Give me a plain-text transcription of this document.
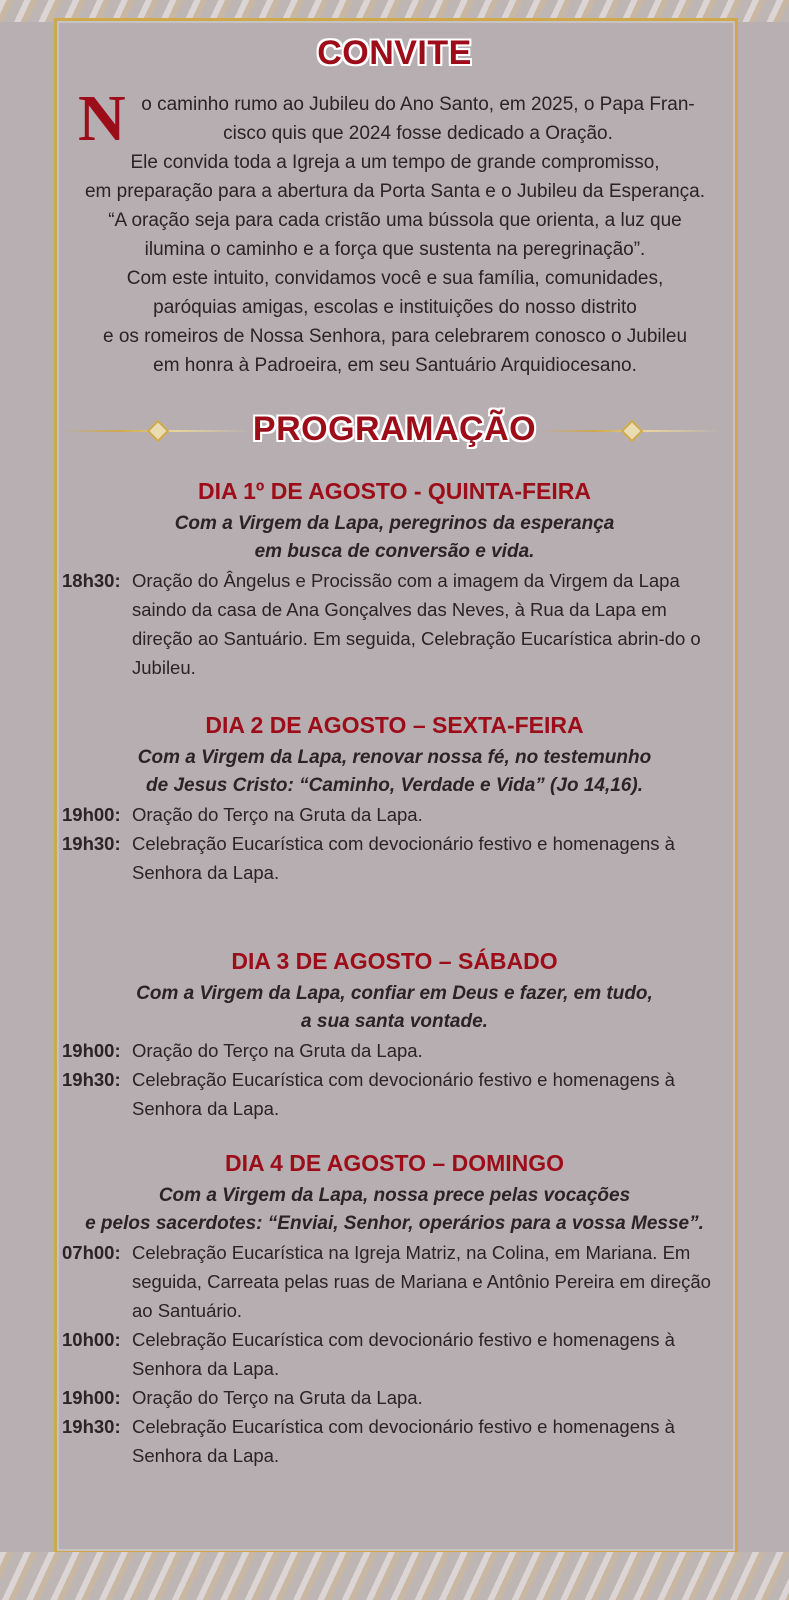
CONVITE
N o caminho rumo ao Jubileu do Ano Santo, em 2025, o Papa Fran-
cisco quis que 2024 fosse dedicado a Oração.
Ele convida toda a Igreja a um tempo de grande compromisso,
em preparação para a abertura da Porta Santa e o Jubileu da Esperança.
“A oração seja para cada cristão uma bússola que orienta, a luz que
ilumina o caminho e a força que sustenta na peregrinação”.
Com este intuito, convidamos você e sua família, comunidades,
paróquias amigas, escolas e instituições do nosso distrito
e os romeiros de Nossa Senhora, para celebrarem conosco o Jubileu
em honra à Padroeira, em seu Santuário Arquidiocesano.
PROGRAMAÇÃO
DIA 1º DE AGOSTO - QUINTA-FEIRA
Com a Virgem da Lapa, peregrinos da esperança
em busca de conversão e vida.
18h30: Oração do Ângelus e Procissão com a imagem da Virgem da Lapa saindo da casa de Ana Gonçalves das Neves, à Rua da Lapa em direção ao Santuário. Em seguida, Celebração Eucarística abrin-do o Jubileu.
DIA 2 DE AGOSTO – SEXTA-FEIRA
Com a Virgem da Lapa, renovar nossa fé, no testemunho
de Jesus Cristo: “Caminho, Verdade e Vida” (Jo 14,16).
19h00: Oração do Terço na Gruta da Lapa.
19h30: Celebração Eucarística com devocionário festivo e homenagens à Senhora da Lapa.
DIA 3 DE AGOSTO – SÁBADO
Com a Virgem da Lapa, confiar em Deus e fazer, em tudo,
a sua santa vontade.
19h00: Oração do Terço na Gruta da Lapa.
19h30: Celebração Eucarística com devocionário festivo e homenagens à Senhora da Lapa.
DIA 4 DE AGOSTO – DOMINGO
Com a Virgem da Lapa, nossa prece pelas vocações
e pelos sacerdotes: “Enviai, Senhor, operários para a vossa Messe”.
07h00: Celebração Eucarística na Igreja Matriz, na Colina, em Mariana. Em seguida, Carreata pelas ruas de Mariana e Antônio Pereira em direção ao Santuário.
10h00: Celebração Eucarística com devocionário festivo e homenagens à Senhora da Lapa.
19h00: Oração do Terço na Gruta da Lapa.
19h30: Celebração Eucarística com devocionário festivo e homenagens à Senhora da Lapa.
